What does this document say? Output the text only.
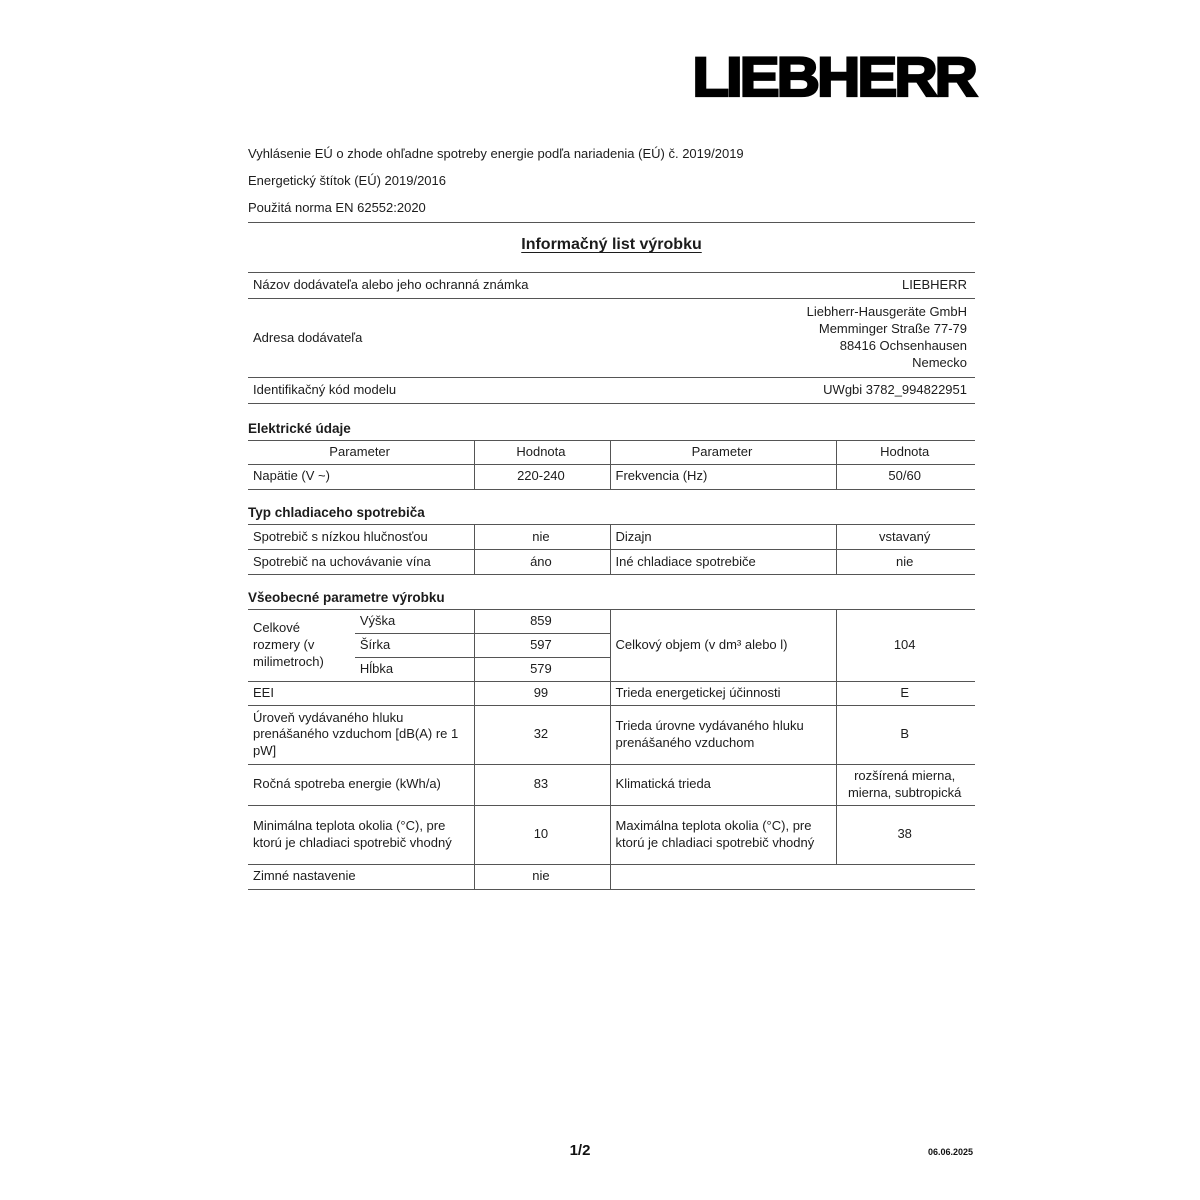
LIEBHERR
Vyhlásenie EÚ o zhode ohľadne spotreby energie podľa nariadenia (EÚ) č. 2019/2019
Energetický štítok (EÚ) 2019/2016
Použitá norma EN 62552:2020
Informačný list výrobku
Názov dodávateľa alebo jeho ochranná známka	LIEBHERR
Adresa dodávateľa	Liebherr-Hausgeräte GmbH
Memminger Straße 77-79
88416 Ochsenhausen
Nemecko

Identifikačný kód modelu	UWgbi 3782_994822951
Elektrické údaje
Parameter	Hodnota	Parameter	Hodnota
Napätie (V ~)	220-240	Frekvencia (Hz)	50/60
Typ chladiaceho spotrebiča
Spotrebič s nízkou hlučnosťou	nie	Dizajn	vstavaný
Spotrebič na uchovávanie vína	áno	Iné chladiace spotrebiče	nie
Všeobecné parametre výrobku
Celkové rozmery (v milimetroch)	Výška	859	Celkový objem (v dm³ alebo l)	104
	Šírka	597		
	Hĺbka	579		
EEI		99	Trieda energetickej účinnosti	E
Úroveň vydávaného hluku prenášaného vzduchom [dB(A) re 1 pW]		32	Trieda úrovne vydávaného hluku prenášaného vzduchom	B
Ročná spotreba energie (kWh/a)		83	Klimatická trieda	rozšírená mierna, mierna, subtropická
Minimálna teplota okolia (°C), pre ktorú je chladiaci spotrebič vhodný		10	Maximálna teplota okolia (°C), pre ktorú je chladiaci spotrebič vhodný	38
Zimné nastavenie		nie		
1/2	06.06.2025
